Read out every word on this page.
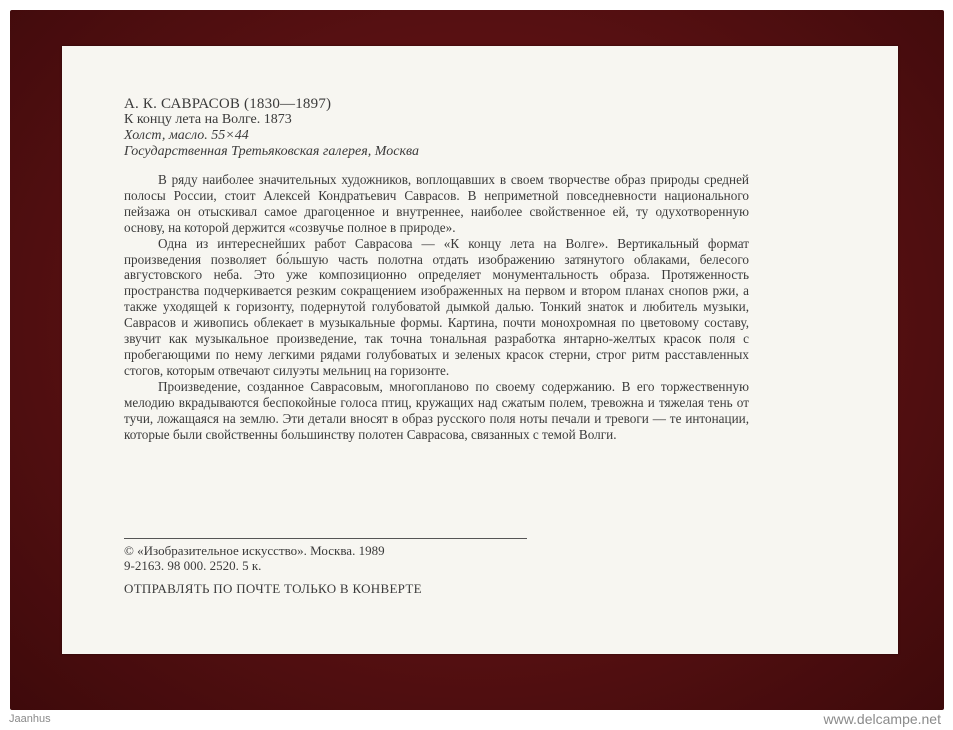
А. К. САВРАСОВ (1830—1897)
К концу лета на Волге. 1873
Холст, масло. 55×44
Государственная Третьяковская галерея, Москва

В ряду наиболее значительных художников, воплощавших в своем творчестве образ природы средней полосы России, стоит Алексей Кондратьевич Саврасов. В неприметной повседневности национального пейзажа он отыскивал самое драгоценное и внутреннее, наиболее свойственное ей, ту одухотворенную основу, на которой держится «созвучье полное в природе».

Одна из интереснейших работ Саврасова — «К концу лета на Волге». Вертикальный формат произведения позволяет бо́льшую часть полотна отдать изображению затянутого облаками, белесого августовского неба. Это уже композиционно определяет монументальность образа. Протяженность пространства подчеркивается резким сокращением изображенных на первом и втором планах снопов ржи, а также уходящей к горизонту, подернутой голубоватой дымкой далью. Тонкий знаток и любитель музыки, Саврасов и живопись облекает в музыкальные формы. Картина, почти монохромная по цветовому составу, звучит как музыкальное произведение, так точна тональная разработка янтарно-желтых красок поля с пробегающими по нему легкими рядами голубоватых и зеленых красок стерни, строг ритм расставленных стогов, которым отвечают силуэты мельниц на горизонте.

Произведение, созданное Саврасовым, многопланово по своему содержанию. В его торжественную мелодию вкрадываются беспокойные голоса птиц, кружащих над сжатым полем, тревожна и тяжелая тень от тучи, ложащаяся на землю. Эти детали вносят в образ русского поля ноты печали и тревоги — те интонации, которые были свойственны большинству полотен Саврасова, связанных с темой Волги.

© «Изобразительное искусство». Москва. 1989
9-2163. 98 000. 2520. 5 к.
ОТПРАВЛЯТЬ ПО ПОЧТЕ ТОЛЬКО В КОНВЕРТЕ
Jaanhus	www.delcampe.net
